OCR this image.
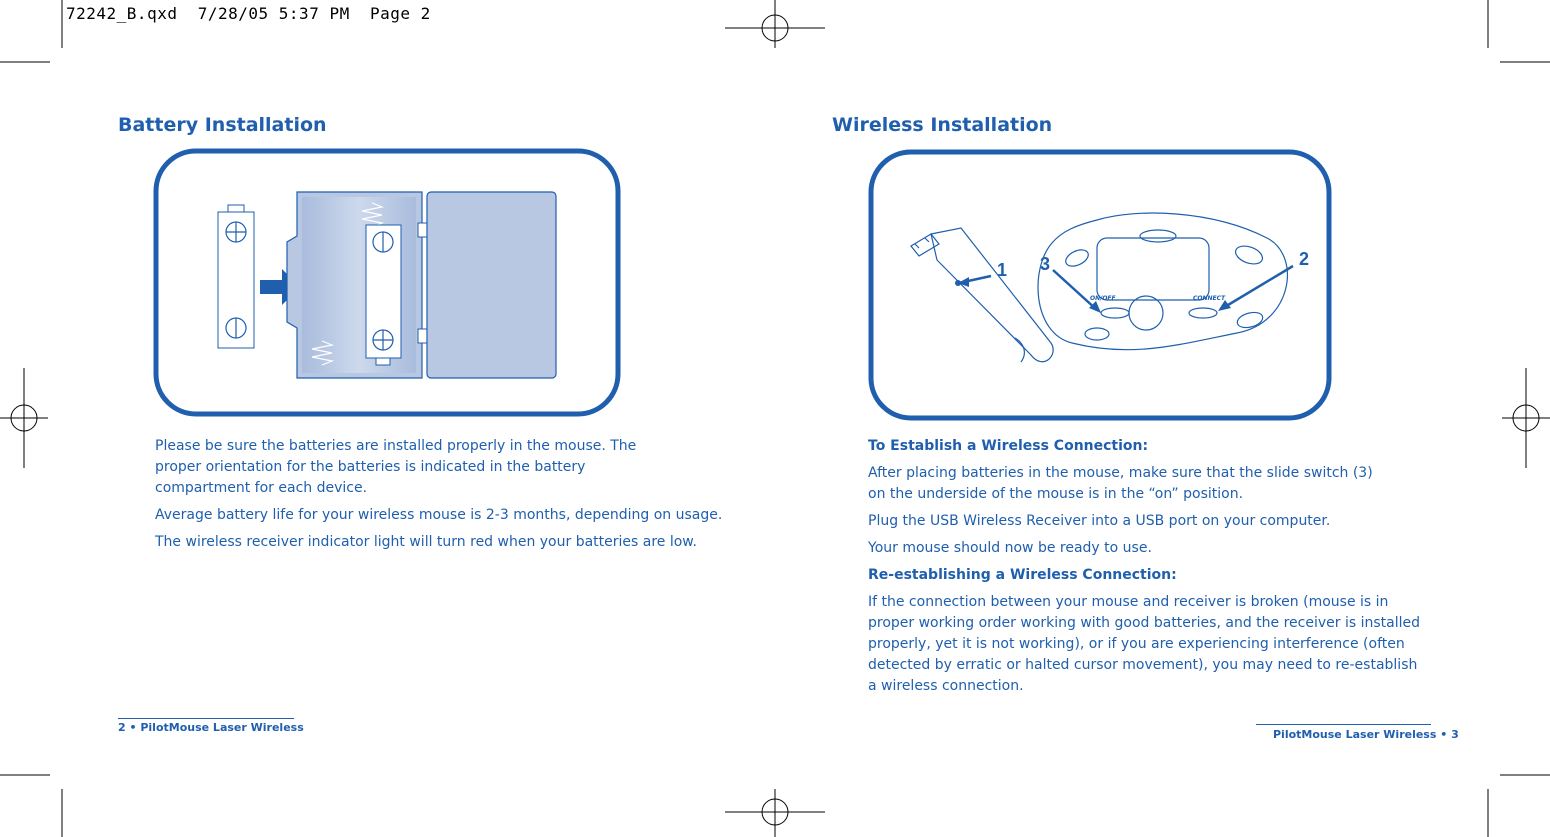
72242_B.qxd  7/28/05 5:37 PM  Page 2
Battery Installation

Please be sure the batteries are installed properly in the mouse. The proper orientation for the batteries is indicated in the battery compartment for each device.

Average battery life for your wireless mouse is 2-3 months, depending on usage.

The wireless receiver indicator light will turn red when your batteries are low.

2 • PilotMouse Laser Wireless
Wireless Installation
1 3	2
ON/OFF	CONNECT

To Establish a Wireless Connection:

After placing batteries in the mouse, make sure that the slide switch (3) on the underside of the mouse is in the “on” position.

Plug the USB Wireless Receiver into a USB port on your computer.

Your mouse should now be ready to use.

Re-establishing a Wireless Connection:

If the connection between your mouse and receiver is broken (mouse is in proper working order working with good batteries, and the receiver is installed properly, yet it is not working), or if you are experiencing interference (often detected by erratic or halted cursor movement), you may need to re-establish a wireless connection.

PilotMouse Laser Wireless • 3
